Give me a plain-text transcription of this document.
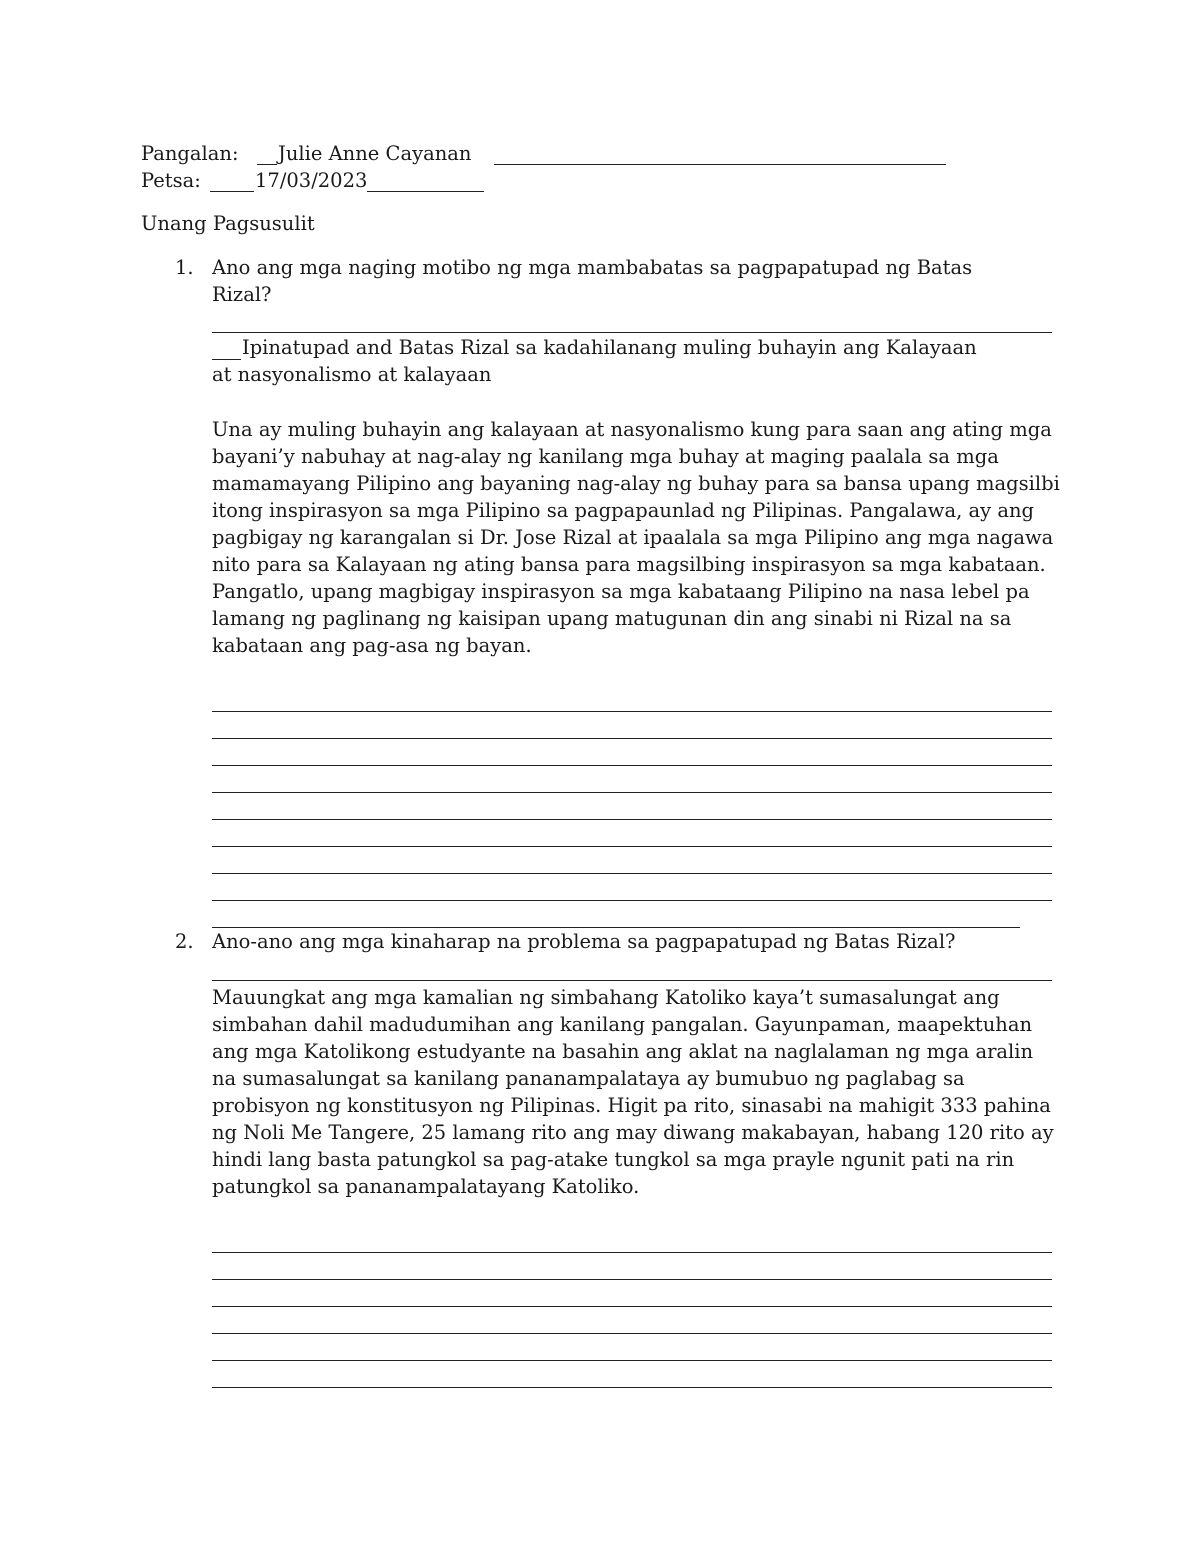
Pangalan: Julie Anne Cayanan
Petsa:	17/03/2023
Unang Pagsusulit
1. Ano ang mga naging motibo ng mga mambabatas sa pagpapatupad ng Batas
Rizal?
Ipinatupad and Batas Rizal sa kadahilanang muling buhayin ang Kalayaan
at nasyonalismo at kalayaan
Una ay muling buhayin ang kalayaan at nasyonalismo kung para saan ang ating mga bayani’y nabuhay at nag-alay ng kanilang mga buhay at maging paalala sa mga mamamayang Pilipino ang bayaning nag-alay ng buhay para sa bansa upang magsilbi itong inspirasyon sa mga Pilipino sa pagpapaunlad ng Pilipinas. Pangalawa, ay ang pagbigay ng karangalan si Dr. Jose Rizal at ipaalala sa mga Pilipino ang mga nagawa nito para sa Kalayaan ng ating bansa para magsilbing inspirasyon sa mga kabataan. Pangatlo, upang magbigay inspirasyon sa mga kabataang Pilipino na nasa lebel pa lamang ng paglinang ng kaisipan upang matugunan din ang sinabi ni Rizal na sa kabataan ang pag-asa ng bayan.
2. Ano-ano ang mga kinaharap na problema sa pagpapatupad ng Batas Rizal?
Mauungkat ang mga kamalian ng simbahang Katoliko kaya’t sumasalungat ang simbahan dahil madudumihan ang kanilang pangalan. Gayunpaman, maapektuhan ang mga Katolikong estudyante na basahin ang aklat na naglalaman ng mga aralin na sumasalungat sa kanilang pananampalataya ay bumubuo ng paglabag sa probisyon ng konstitusyon ng Pilipinas. Higit pa rito, sinasabi na mahigit 333 pahina ng Noli Me Tangere, 25 lamang rito ang may diwang makabayan, habang 120 rito ay hindi lang basta patungkol sa pag-atake tungkol sa mga prayle ngunit pati na rin patungkol sa pananampalatayang Katoliko.
